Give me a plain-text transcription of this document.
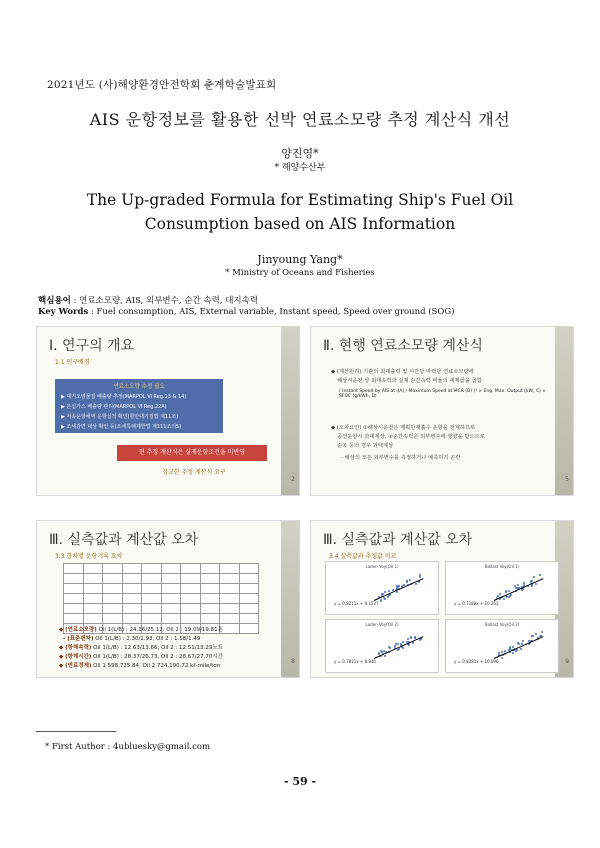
2021년도 (사)해양환경안전학회 춘계학술발표회
AIS 운항정보를 활용한 선박 연료소모량 추정 계산식 개선
양진영*
* 해양수산부
The Up-graded Formula for Estimating Ship's Fuel Oil Consumption based on AIS Information
Jinyoung Yang*
* Ministry of Oceans and Fisheries
핵심용어 : 연료소모량, AIS, 외부변수, 순간 속력, 대지속력
Key Words : Fuel consumption, AIS, External variable, Instant speed, Speed over ground (SOG)
Ⅰ. 연구의 개요
1.1 연구배경
연료소모량 추정 필요
▶ 대기오염물질 배출량 추정(MARPOL Ⅵ Reg.13 & 14)
▶ 온실가스 배출량 관리(MARPOL Ⅵ Reg.22A)
▶ 저속운항해역 운항실적 확인(항만대기질법 제11조)
▶ 조세감면 대상 확인 등(조세특례제한법 제111조의5)
현 추정 계산식은 실제운항조건을 미반영
정교한 추정 계산식 요구
2
Ⅱ. 현행 연료소모량 계산식
◆ (계산원리) 기관의 최대출력 및 시간당 마력당 연료소모량에
해상시운전 상 최대속력과 실제 순간속력 비율의 세제곱을 곱함
( Instant Speed by AIS at i(A) / Maximum Speed at MCR (B) )³ × Eng. Max. Output (kW, C) × SFOC (g/kWh, D)
◆ (오차요인) ①해상시운전은 계획만재흘수 운항을 전제하므로
공선운항시 과대계상, ②순간속력은 외부변수에 영향을 받으므로
순조 등의 경우 과대계상
- 해상의 모든 외부변수를 측정하거나 예측하기 곤란
5
Ⅲ. 실측값과 계산값 오차
3.3 항차별 운항기록 요약

◆ (연료소모량) Oil 1(L/B) : 24.16/25.12, Oil 2 : 19.09/19.81톤
- (표준편차) Oil 1(L/B) : 2.30/1.93, Oil 2 : 1.58/1.49
◆ (항해속력) Oil 1(L/B) : 12.63/13.66, Oil 2 : 12.51/13.29노트
◆ (항해시간) Oil 1(L/B) : 28.37/26.73, Oil 2 : 28.67/27.70시간
◆ (연료경제) Oil 1 598,725.84, Oil 2 724,190.72 kℓ-mile/ton
8
Ⅲ. 실측값과 계산값 오차
3.4 실측값과 추정값 비교
Laden Voy(Oil 1)
y = 0.8211x + 9.1537
Ballast Voy(Oil 1)
y = 0.7188x + 10.262
Laden Voy(Oil 2)
y = 0.7811x + 8.846
Ballast Voy(Oil 2)
y = 0.8281x + 10.096	9
* First Author : 4ubluesky@gmail.com
- 59 -
